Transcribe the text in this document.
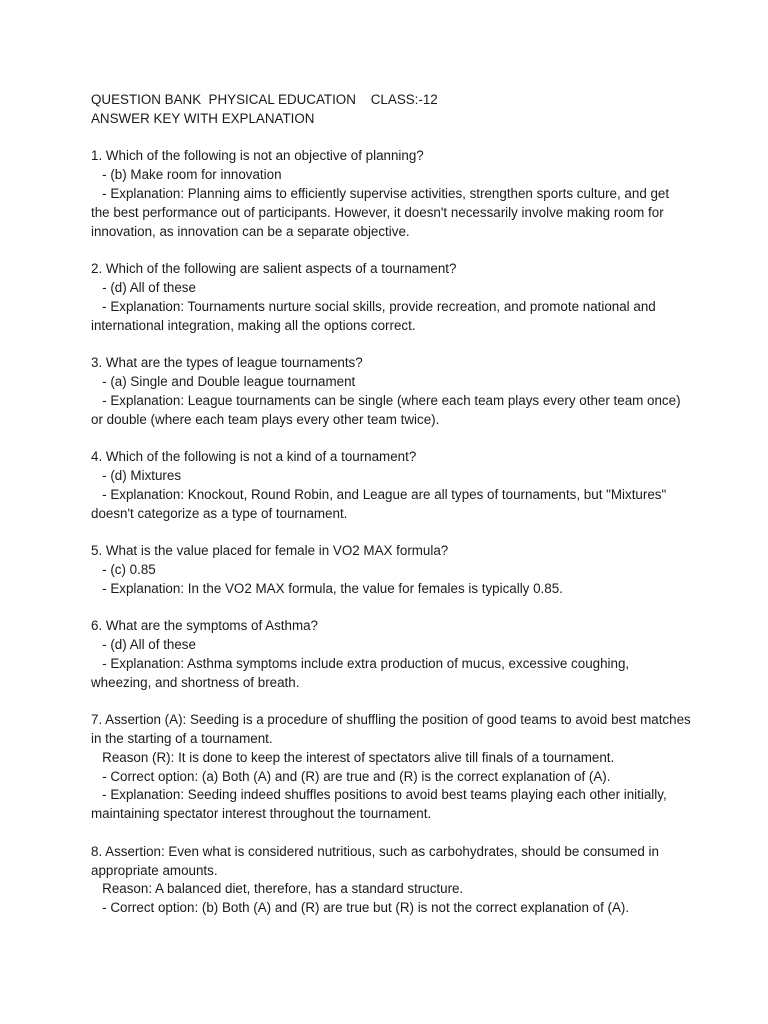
QUESTION BANK  PHYSICAL EDUCATION    CLASS:-12

ANSWER KEY WITH EXPLANATION

1. Which of the following is not an objective of planning?

- (b) Make room for innovation

- Explanation: Planning aims to efficiently supervise activities, strengthen sports culture, and get the best performance out of participants. However, it doesn't necessarily involve making room for innovation, as innovation can be a separate objective.

2. Which of the following are salient aspects of a tournament?

- (d) All of these

- Explanation: Tournaments nurture social skills, provide recreation, and promote national and international integration, making all the options correct.

3. What are the types of league tournaments?

- (a) Single and Double league tournament

- Explanation: League tournaments can be single (where each team plays every other team once) or double (where each team plays every other team twice).

4. Which of the following is not a kind of a tournament?

- (d) Mixtures

- Explanation: Knockout, Round Robin, and League are all types of tournaments, but "Mixtures" doesn't categorize as a type of tournament.

5. What is the value placed for female in VO2 MAX formula?

- (c) 0.85

- Explanation: In the VO2 MAX formula, the value for females is typically 0.85.

6. What are the symptoms of Asthma?

- (d) All of these

- Explanation: Asthma symptoms include extra production of mucus, excessive coughing, wheezing, and shortness of breath.

7. Assertion (A): Seeding is a procedure of shuffling the position of good teams to avoid best matches in the starting of a tournament.

Reason (R): It is done to keep the interest of spectators alive till finals of a tournament.

- Correct option: (a) Both (A) and (R) are true and (R) is the correct explanation of (A).

- Explanation: Seeding indeed shuffles positions to avoid best teams playing each other initially, maintaining spectator interest throughout the tournament.

8. Assertion: Even what is considered nutritious, such as carbohydrates, should be consumed in appropriate amounts.

Reason: A balanced diet, therefore, has a standard structure.

- Correct option: (b) Both (A) and (R) are true but (R) is not the correct explanation of (A).
